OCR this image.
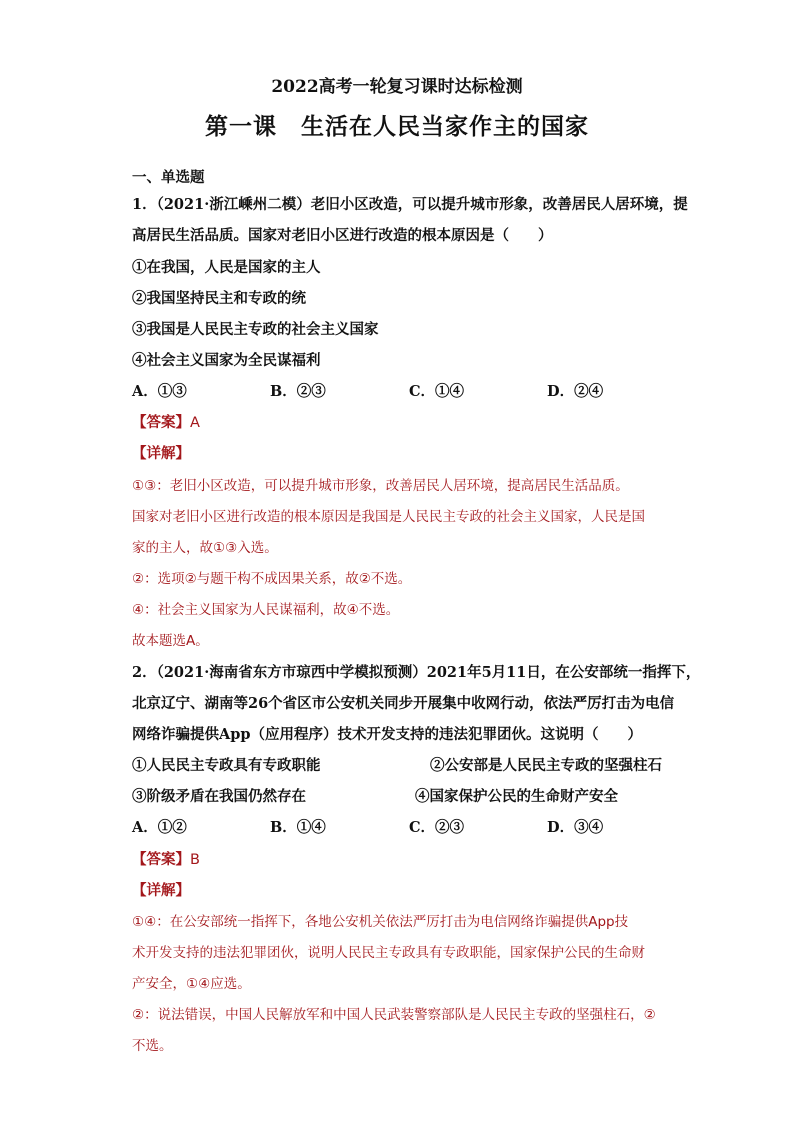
2022高考一轮复习课时达标检测
第一课　生活在人民当家作主的国家
一、单选题
1．（2021·浙江嵊州二模）老旧小区改造，可以提升城市形象，改善居民人居环境，提
高居民生活品质。国家对老旧小区进行改造的根本原因是（　　）
①在我国，人民是国家的主人
②我国坚持民主和专政的统
③我国是人民民主专政的社会主义国家
④社会主义国家为全民谋福利
A．①③	B．②③	C．①④	D．②④
【答案】A
【详解】
①③：老旧小区改造，可以提升城市形象，改善居民人居环境，提高居民生活品质。
国家对老旧小区进行改造的根本原因是我国是人民民主专政的社会主义国家，人民是国
家的主人，故①③入选。
②：选项②与题干构不成因果关系，故②不选。
④：社会主义国家为人民谋福利，故④不选。
故本题选A。
2．（2021·海南省东方市琼西中学模拟预测）2021年5月11日，在公安部统一指挥下，
北京辽宁、湖南等26个省区市公安机关同步开展集中收网行动，依法严厉打击为电信
网络诈骗提供App（应用程序）技术开发支持的违法犯罪团伙。这说明（　　）
①人民民主专政具有专政职能	②公安部是人民民主专政的坚强柱石
③阶级矛盾在我国仍然存在	④国家保护公民的生命财产安全
A．①②	B．①④	C．②③	D．③④
【答案】B
【详解】
①④：在公安部统一指挥下，各地公安机关依法严厉打击为电信网络诈骗提供App技
术开发支持的违法犯罪团伙，说明人民民主专政具有专政职能，国家保护公民的生命财
产安全，①④应选。
②：说法错误，中国人民解放军和中国人民武装警察部队是人民民主专政的坚强柱石，②
不选。
